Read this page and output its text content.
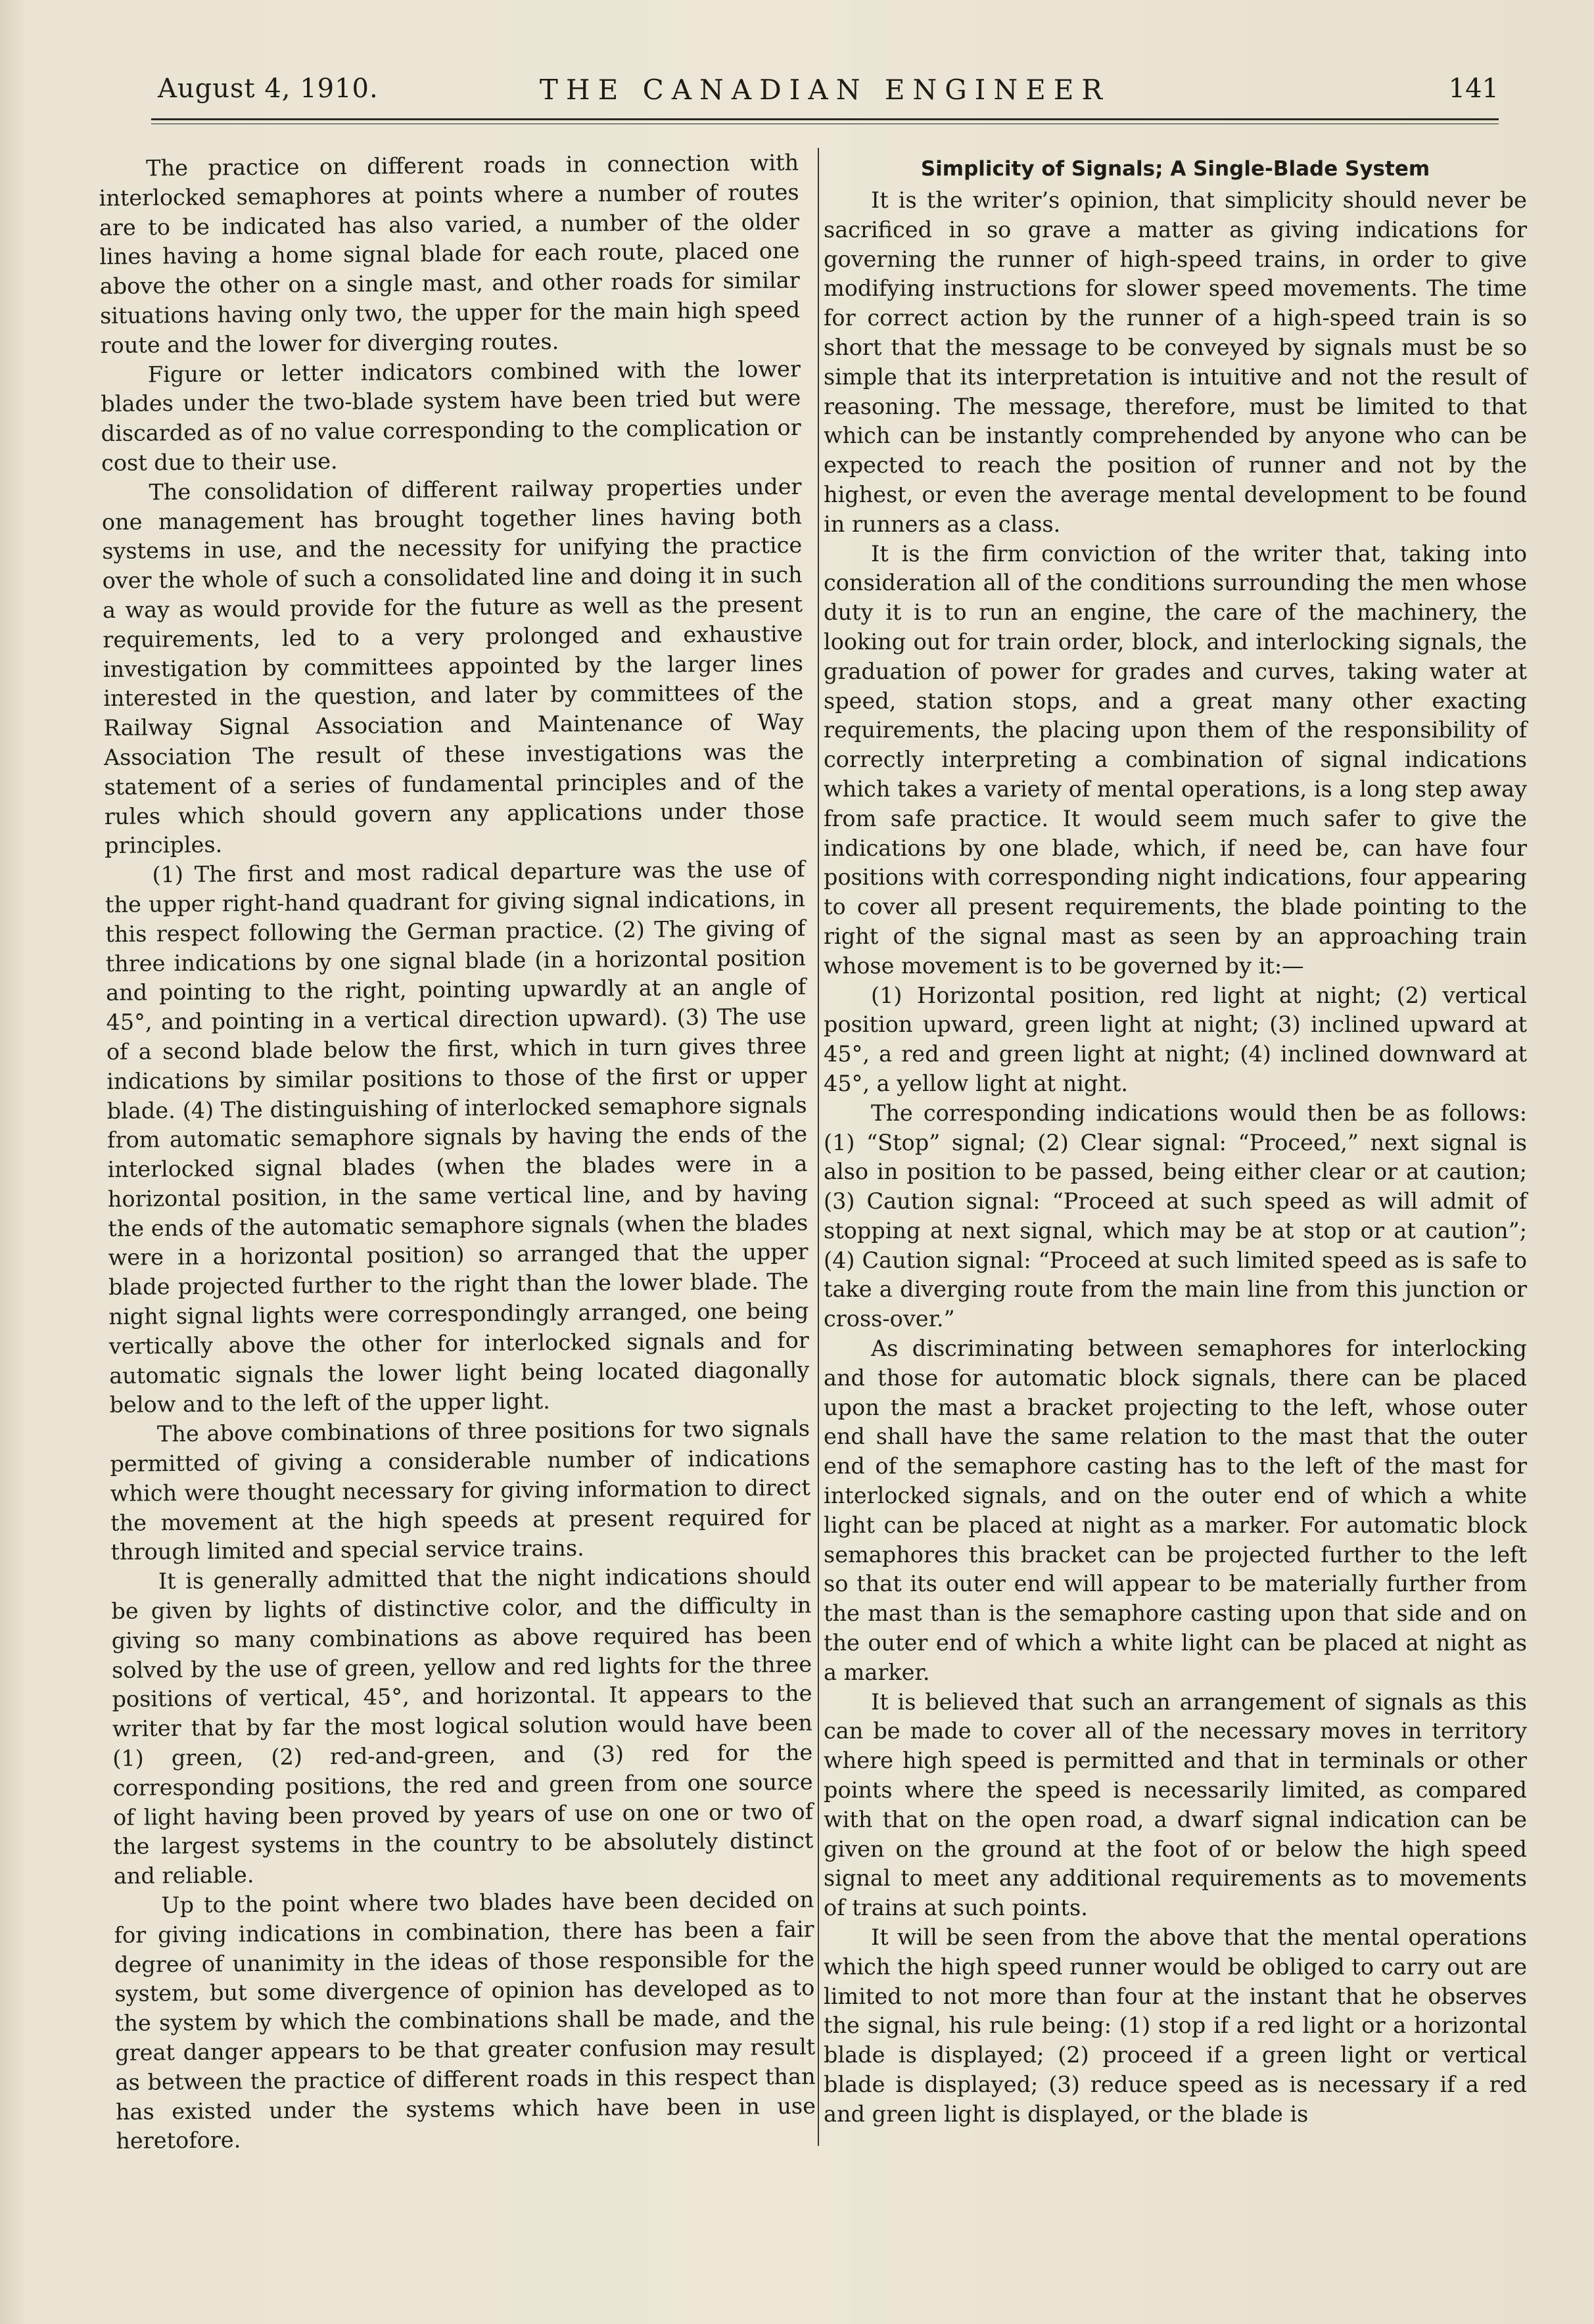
August 4, 1910.	THE CANADIAN ENGINEER	141

The practice on different roads in connection with interlocked semaphores at points where a number of routes are to be indicated has also varied, a number of the older lines having a home signal blade for each route, placed one above the other on a single mast, and other roads for similar situations having only two, the upper for the main high speed route and the lower for diverging routes.

Figure or letter indicators combined with the lower blades under the two-blade system have been tried but were discarded as of no value corresponding to the complication or cost due to their use.

The consolidation of different railway properties under one management has brought together lines having both systems in use, and the necessity for unifying the practice over the whole of such a consolidated line and doing it in such a way as would provide for the future as well as the present requirements, led to a very prolonged and exhaustive investigation by committees appointed by the larger lines interested in the question, and later by committees of the Railway Signal Association and Maintenance of Way Association The result of these investigations was the statement of a series of fundamental principles and of the rules which should govern any applications under those principles.

(1) The first and most radical departure was the use of the upper right-hand quadrant for giving signal indications, in this respect following the German practice. (2) The giving of three indications by one signal blade (in a horizontal position and pointing to the right, pointing upwardly at an angle of 45°, and pointing in a vertical direction upward). (3) The use of a second blade below the first, which in turn gives three indications by similar positions to those of the first or upper blade. (4) The distinguishing of interlocked semaphore signals from automatic semaphore signals by having the ends of the interlocked signal blades (when the blades were in a horizontal position, in the same vertical line, and by having the ends of the automatic semaphore signals (when the blades were in a horizontal position) so arranged that the upper blade projected further to the right than the lower blade. The night signal lights were correspondingly arranged, one being vertically above the other for interlocked signals and for automatic signals the lower light being located diagonally below and to the left of the upper light.

The above combinations of three positions for two signals permitted of giving a considerable number of indications which were thought necessary for giving information to direct the movement at the high speeds at present required for through limited and special service trains.

It is generally admitted that the night indications should be given by lights of distinctive color, and the difficulty in giving so many combinations as above required has been solved by the use of green, yellow and red lights for the three positions of vertical, 45°, and horizontal. It appears to the writer that by far the most logical solution would have been (1) green, (2) red-and-green, and (3) red for the corresponding positions, the red and green from one source of light having been proved by years of use on one or two of the largest systems in the country to be absolutely distinct and reliable.

Up to the point where two blades have been decided on for giving indications in combination, there has been a fair degree of unanimity in the ideas of those responsible for the system, but some divergence of opinion has developed as to the system by which the combinations shall be made, and the great danger appears to be that greater confusion may result as between the practice of different roads in this respect than has existed under the systems which have been in use heretofore.

Simplicity of Signals; A Single-Blade System

It is the writer’s opinion, that simplicity should never be sacrificed in so grave a matter as giving indications for governing the runner of high-speed trains, in order to give modifying instructions for slower speed movements. The time for correct action by the runner of a high-speed train is so short that the message to be conveyed by signals must be so simple that its interpretation is intuitive and not the result of reasoning. The message, therefore, must be limited to that which can be instantly comprehended by anyone who can be expected to reach the position of runner and not by the highest, or even the average mental development to be found in runners as a class.

It is the firm conviction of the writer that, taking into consideration all of the conditions surrounding the men whose duty it is to run an engine, the care of the machinery, the looking out for train order, block, and interlocking signals, the graduation of power for grades and curves, taking water at speed, station stops, and a great many other exacting requirements, the placing upon them of the responsibility of correctly interpreting a combination of signal indications which takes a variety of mental operations, is a long step away from safe practice. It would seem much safer to give the indications by one blade, which, if need be, can have four positions with corresponding night indications, four appearing to cover all present requirements, the blade pointing to the right of the signal mast as seen by an approaching train whose movement is to be governed by it:—

(1) Horizontal position, red light at night; (2) vertical position upward, green light at night; (3) inclined upward at 45°, a red and green light at night; (4) inclined downward at 45°, a yellow light at night.

The corresponding indications would then be as follows: (1) “Stop” signal; (2) Clear signal: “Proceed,” next signal is also in position to be passed, being either clear or at caution; (3) Caution signal: “Proceed at such speed as will admit of stopping at next signal, which may be at stop or at caution”; (4) Caution signal: “Proceed at such limited speed as is safe to take a diverging route from the main line from this junction or cross-over.”

As discriminating between semaphores for interlocking and those for automatic block signals, there can be placed upon the mast a bracket projecting to the left, whose outer end shall have the same relation to the mast that the outer end of the semaphore casting has to the left of the mast for interlocked signals, and on the outer end of which a white light can be placed at night as a marker. For automatic block semaphores this bracket can be projected further to the left so that its outer end will appear to be materially further from the mast than is the semaphore casting upon that side and on the outer end of which a white light can be placed at night as a marker.

It is believed that such an arrangement of signals as this can be made to cover all of the necessary moves in territory where high speed is permitted and that in terminals or other points where the speed is necessarily limited, as compared with that on the open road, a dwarf signal indication can be given on the ground at the foot of or below the high speed signal to meet any additional requirements as to movements of trains at such points.

It will be seen from the above that the mental operations which the high speed runner would be obliged to carry out are limited to not more than four at the instant that he observes the signal, his rule being: (1) stop if a red light or a horizontal blade is displayed; (2) proceed if a green light or vertical blade is displayed; (3) reduce speed as is necessary if a red and green light is displayed, or the blade is
